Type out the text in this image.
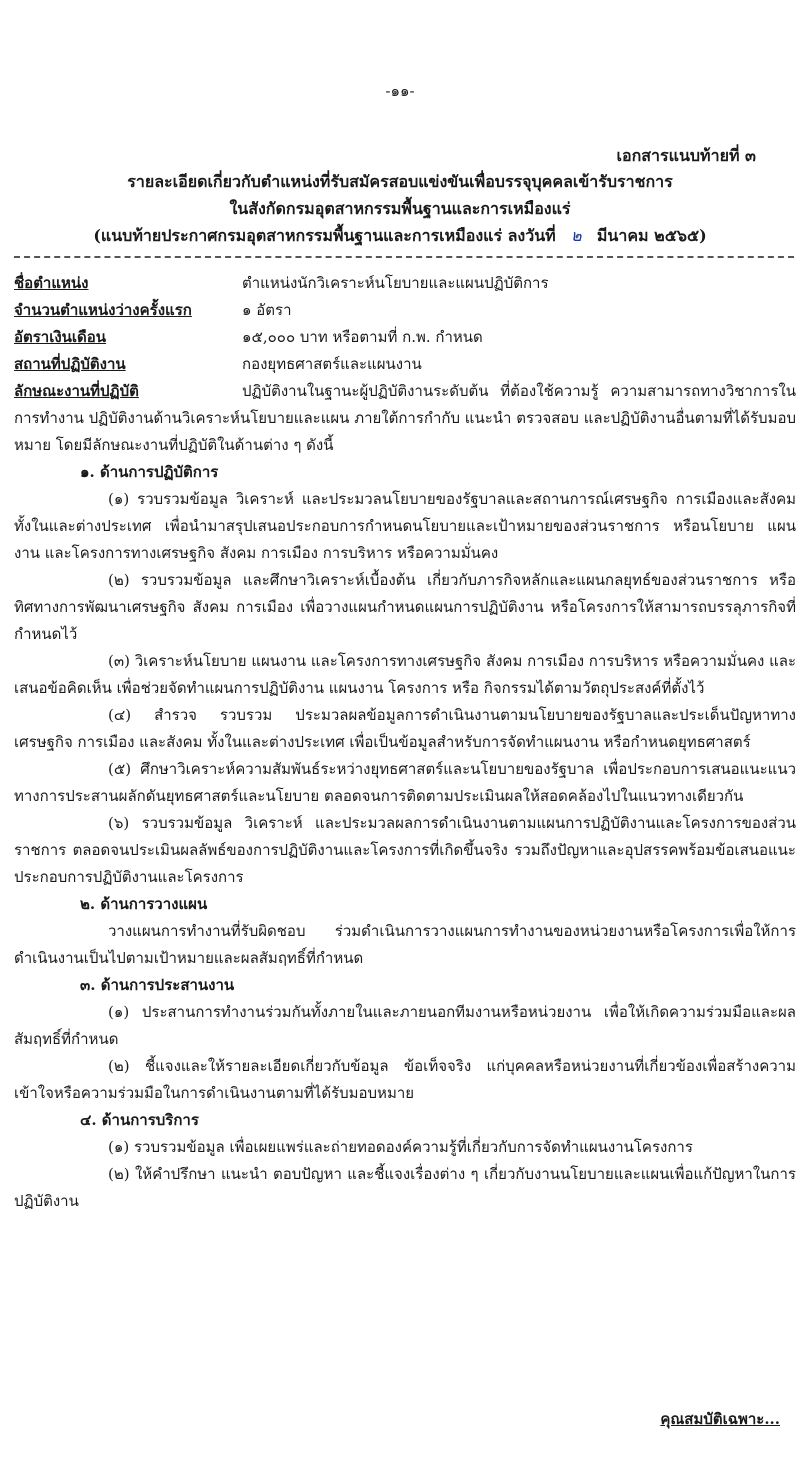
-๑๑-
เอกสารแนบท้ายที่ ๓
รายละเอียดเกี่ยวกับตำแหน่งที่รับสมัครสอบแข่งขันเพื่อบรรจุบุคคลเข้ารับราชการ
ในสังกัดกรมอุตสาหกรรมพื้นฐานและการเหมืองแร่
(แนบท้ายประกาศกรมอุตสาหกรรมพื้นฐานและการเหมืองแร่ ลงวันที่ ๒ มีนาคม ๒๕๖๕)
ชื่อตำแหน่ง	ตำแหน่งนักวิเคราะห์นโยบายและแผนปฏิบัติการ
จำนวนตำแหน่งว่างครั้งแรก	๑ อัตรา
อัตราเงินเดือน	๑๕,๐๐๐ บาท หรือตามที่ ก.พ. กำหนด
สถานที่ปฏิบัติงาน	กองยุทธศาสตร์และแผนงาน
ลักษณะงานที่ปฏิบัติ	ปฏิบัติงานในฐานะผู้ปฏิบัติงานระดับต้น ที่ต้องใช้ความรู้ ความสามารถทางวิชาการในการทำงาน ปฏิบัติงานด้านวิเคราะห์นโยบายและแผน ภายใต้การกำกับ แนะนำ ตรวจสอบ และปฏิบัติงานอื่นตามที่ได้รับมอบหมาย โดยมีลักษณะงานที่ปฏิบัติในด้านต่าง ๆ ดังนี้

๑. ด้านการปฏิบัติการ

(๑) รวบรวมข้อมูล วิเคราะห์ และประมวลนโยบายของรัฐบาลและสถานการณ์เศรษฐกิจ การเมืองและสังคม ทั้งในและต่างประเทศ เพื่อนำมาสรุปเสนอประกอบการกำหนดนโยบายและเป้าหมายของส่วนราชการ หรือนโยบาย แผนงาน และโครงการทางเศรษฐกิจ สังคม การเมือง การบริหาร หรือความมั่นคง

(๒) รวบรวมข้อมูล และศึกษาวิเคราะห์เบื้องต้น เกี่ยวกับภารกิจหลักและแผนกลยุทธ์ของส่วนราชการ หรือทิศทางการพัฒนาเศรษฐกิจ สังคม การเมือง เพื่อวางแผนกำหนดแผนการปฏิบัติงาน หรือโครงการให้สามารถบรรลุภารกิจที่กำหนดไว้

(๓) วิเคราะห์นโยบาย แผนงาน และโครงการทางเศรษฐกิจ สังคม การเมือง การบริหาร หรือความมั่นคง และเสนอข้อคิดเห็น เพื่อช่วยจัดทำแผนการปฏิบัติงาน แผนงาน โครงการ หรือ กิจกรรมได้ตามวัตถุประสงค์ที่ตั้งไว้

(๔) สำรวจ รวบรวม ประมวลผลข้อมูลการดำเนินงานตามนโยบายของรัฐบาลและประเด็นปัญหาทางเศรษฐกิจ การเมือง และสังคม ทั้งในและต่างประเทศ เพื่อเป็นข้อมูลสำหรับการจัดทำแผนงาน หรือกำหนดยุทธศาสตร์

(๕) ศึกษาวิเคราะห์ความสัมพันธ์ระหว่างยุทธศาสตร์และนโยบายของรัฐบาล เพื่อประกอบการเสนอแนะแนวทางการประสานผลักดันยุทธศาสตร์และนโยบาย ตลอดจนการติดตามประเมินผลให้สอดคล้องไปในแนวทางเดียวกัน

(๖) รวบรวมข้อมูล วิเคราะห์ และประมวลผลการดำเนินงานตามแผนการปฏิบัติงานและโครงการของส่วนราชการ ตลอดจนประเมินผลลัพธ์ของการปฏิบัติงานและโครงการที่เกิดขึ้นจริง รวมถึงปัญหาและอุปสรรคพร้อมข้อเสนอแนะประกอบการปฏิบัติงานและโครงการ

๒. ด้านการวางแผน

วางแผนการทำงานที่รับผิดชอบ ร่วมดำเนินการวางแผนการทำงานของหน่วยงานหรือโครงการเพื่อให้การดำเนินงานเป็นไปตามเป้าหมายและผลสัมฤทธิ์ที่กำหนด

๓. ด้านการประสานงาน

(๑) ประสานการทำงานร่วมกันทั้งภายในและภายนอกทีมงานหรือหน่วยงาน เพื่อให้เกิดความร่วมมือและผลสัมฤทธิ์ที่กำหนด

(๒) ชี้แจงและให้รายละเอียดเกี่ยวกับข้อมูล ข้อเท็จจริง แก่บุคคลหรือหน่วยงานที่เกี่ยวข้องเพื่อสร้างความเข้าใจหรือความร่วมมือในการดำเนินงานตามที่ได้รับมอบหมาย

๔. ด้านการบริการ

(๑) รวบรวมข้อมูล เพื่อเผยแพร่และถ่ายทอดองค์ความรู้ที่เกี่ยวกับการจัดทำแผนงานโครงการ

(๒) ให้คำปรึกษา แนะนำ ตอบปัญหา และชี้แจงเรื่องต่าง ๆ เกี่ยวกับงานนโยบายและแผนเพื่อแก้ปัญหาในการปฏิบัติงาน

คุณสมบัติเฉพาะ...
